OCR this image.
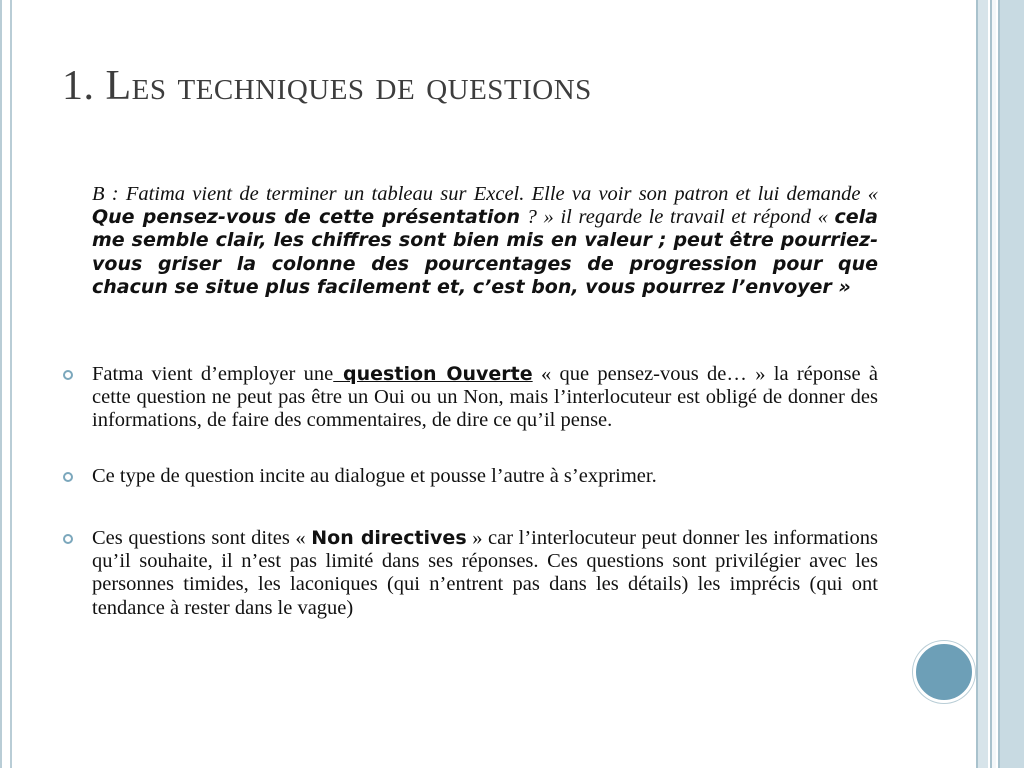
1. Les techniques de questions

B : Fatima vient de terminer un tableau sur Excel. Elle va voir son patron et lui demande « Que pensez-vous de cette présentation ? » il regarde le travail et répond « cela me semble clair, les chiffres sont bien mis en valeur ; peut être pourriez-vous griser la colonne des pourcentages de progression pour que chacun se situe plus facilement et, c’est bon, vous pourrez l’envoyer »

Fatma vient d’employer une question Ouverte « que pensez-vous de… » la réponse à cette question ne peut pas être un Oui ou un Non, mais l’interlocuteur est obligé de donner des informations, de faire des commentaires, de dire ce qu’il pense.

Ce type de question incite au dialogue et pousse l’autre à s’exprimer.

Ces questions sont dites « Non directives » car l’interlocuteur peut donner les informations qu’il souhaite, il n’est pas limité dans ses réponses. Ces questions sont privilégier avec les personnes timides, les laconiques (qui n’entrent pas dans les détails) les imprécis (qui ont tendance à rester dans le vague)
